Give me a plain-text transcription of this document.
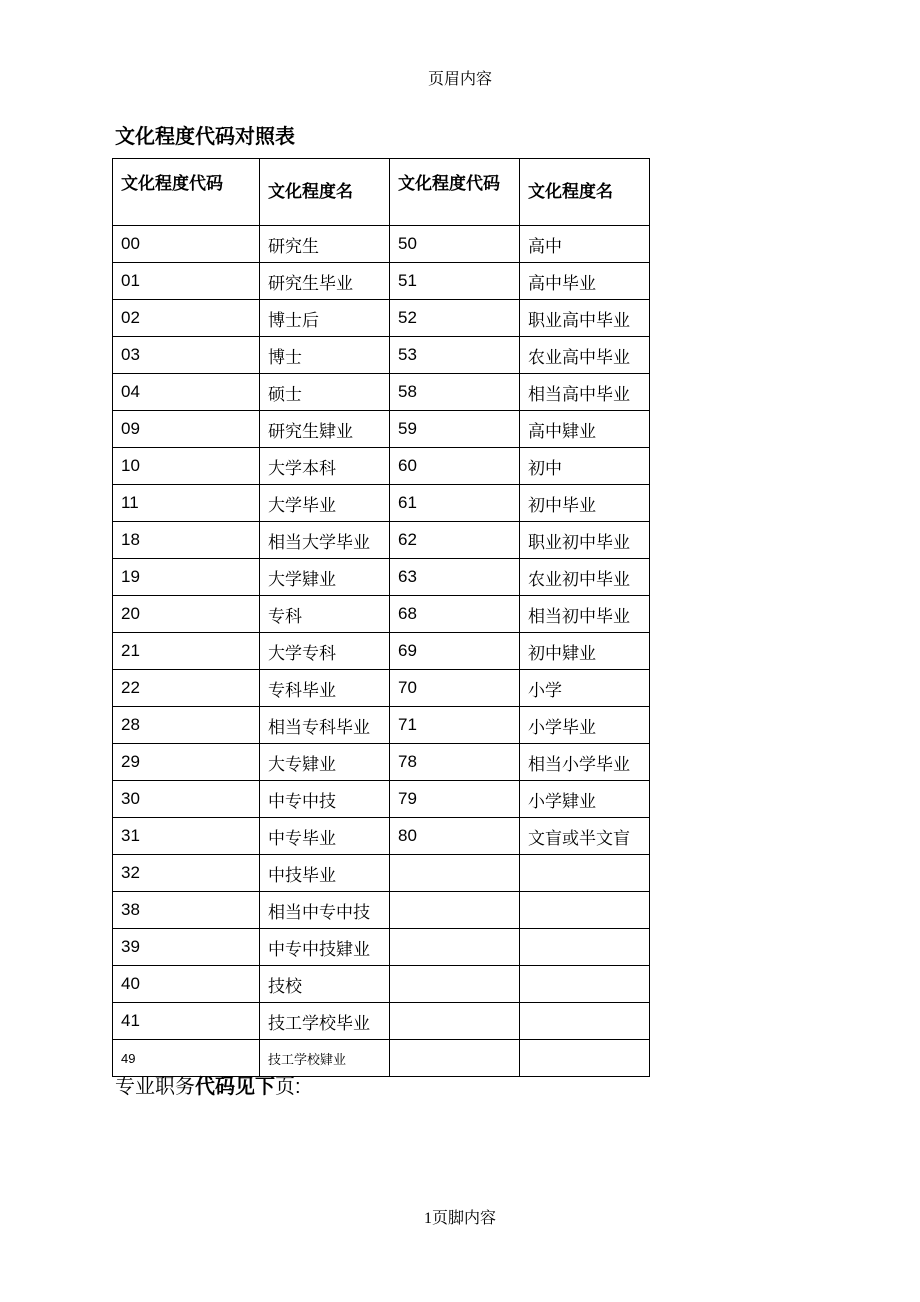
页眉内容
文化程度代码对照表
文化程度代码	文化程度名	文化程度代码	文化程度名
00	研究生	50	高中
01	研究生毕业	51	高中毕业
02	博士后	52	职业高中毕业
03	博士	53	农业高中毕业
04	硕士	58	相当高中毕业
09	研究生肄业	59	高中肄业
10	大学本科	60	初中
11	大学毕业	61	初中毕业
18	相当大学毕业	62	职业初中毕业
19	大学肄业	63	农业初中毕业
20	专科	68	相当初中毕业
21	大学专科	69	初中肄业
22	专科毕业	70	小学
28	相当专科毕业	71	小学毕业
29	大专肄业	78	相当小学毕业
30	中专中技	79	小学肄业
31	中专毕业	80	文盲或半文盲
32	中技毕业		
38	相当中专中技		
39	中专中技肄业		
40	技校		
41	技工学校毕业		
49	技工学校肄业		
专业职务代码见下页:
1页脚内容
